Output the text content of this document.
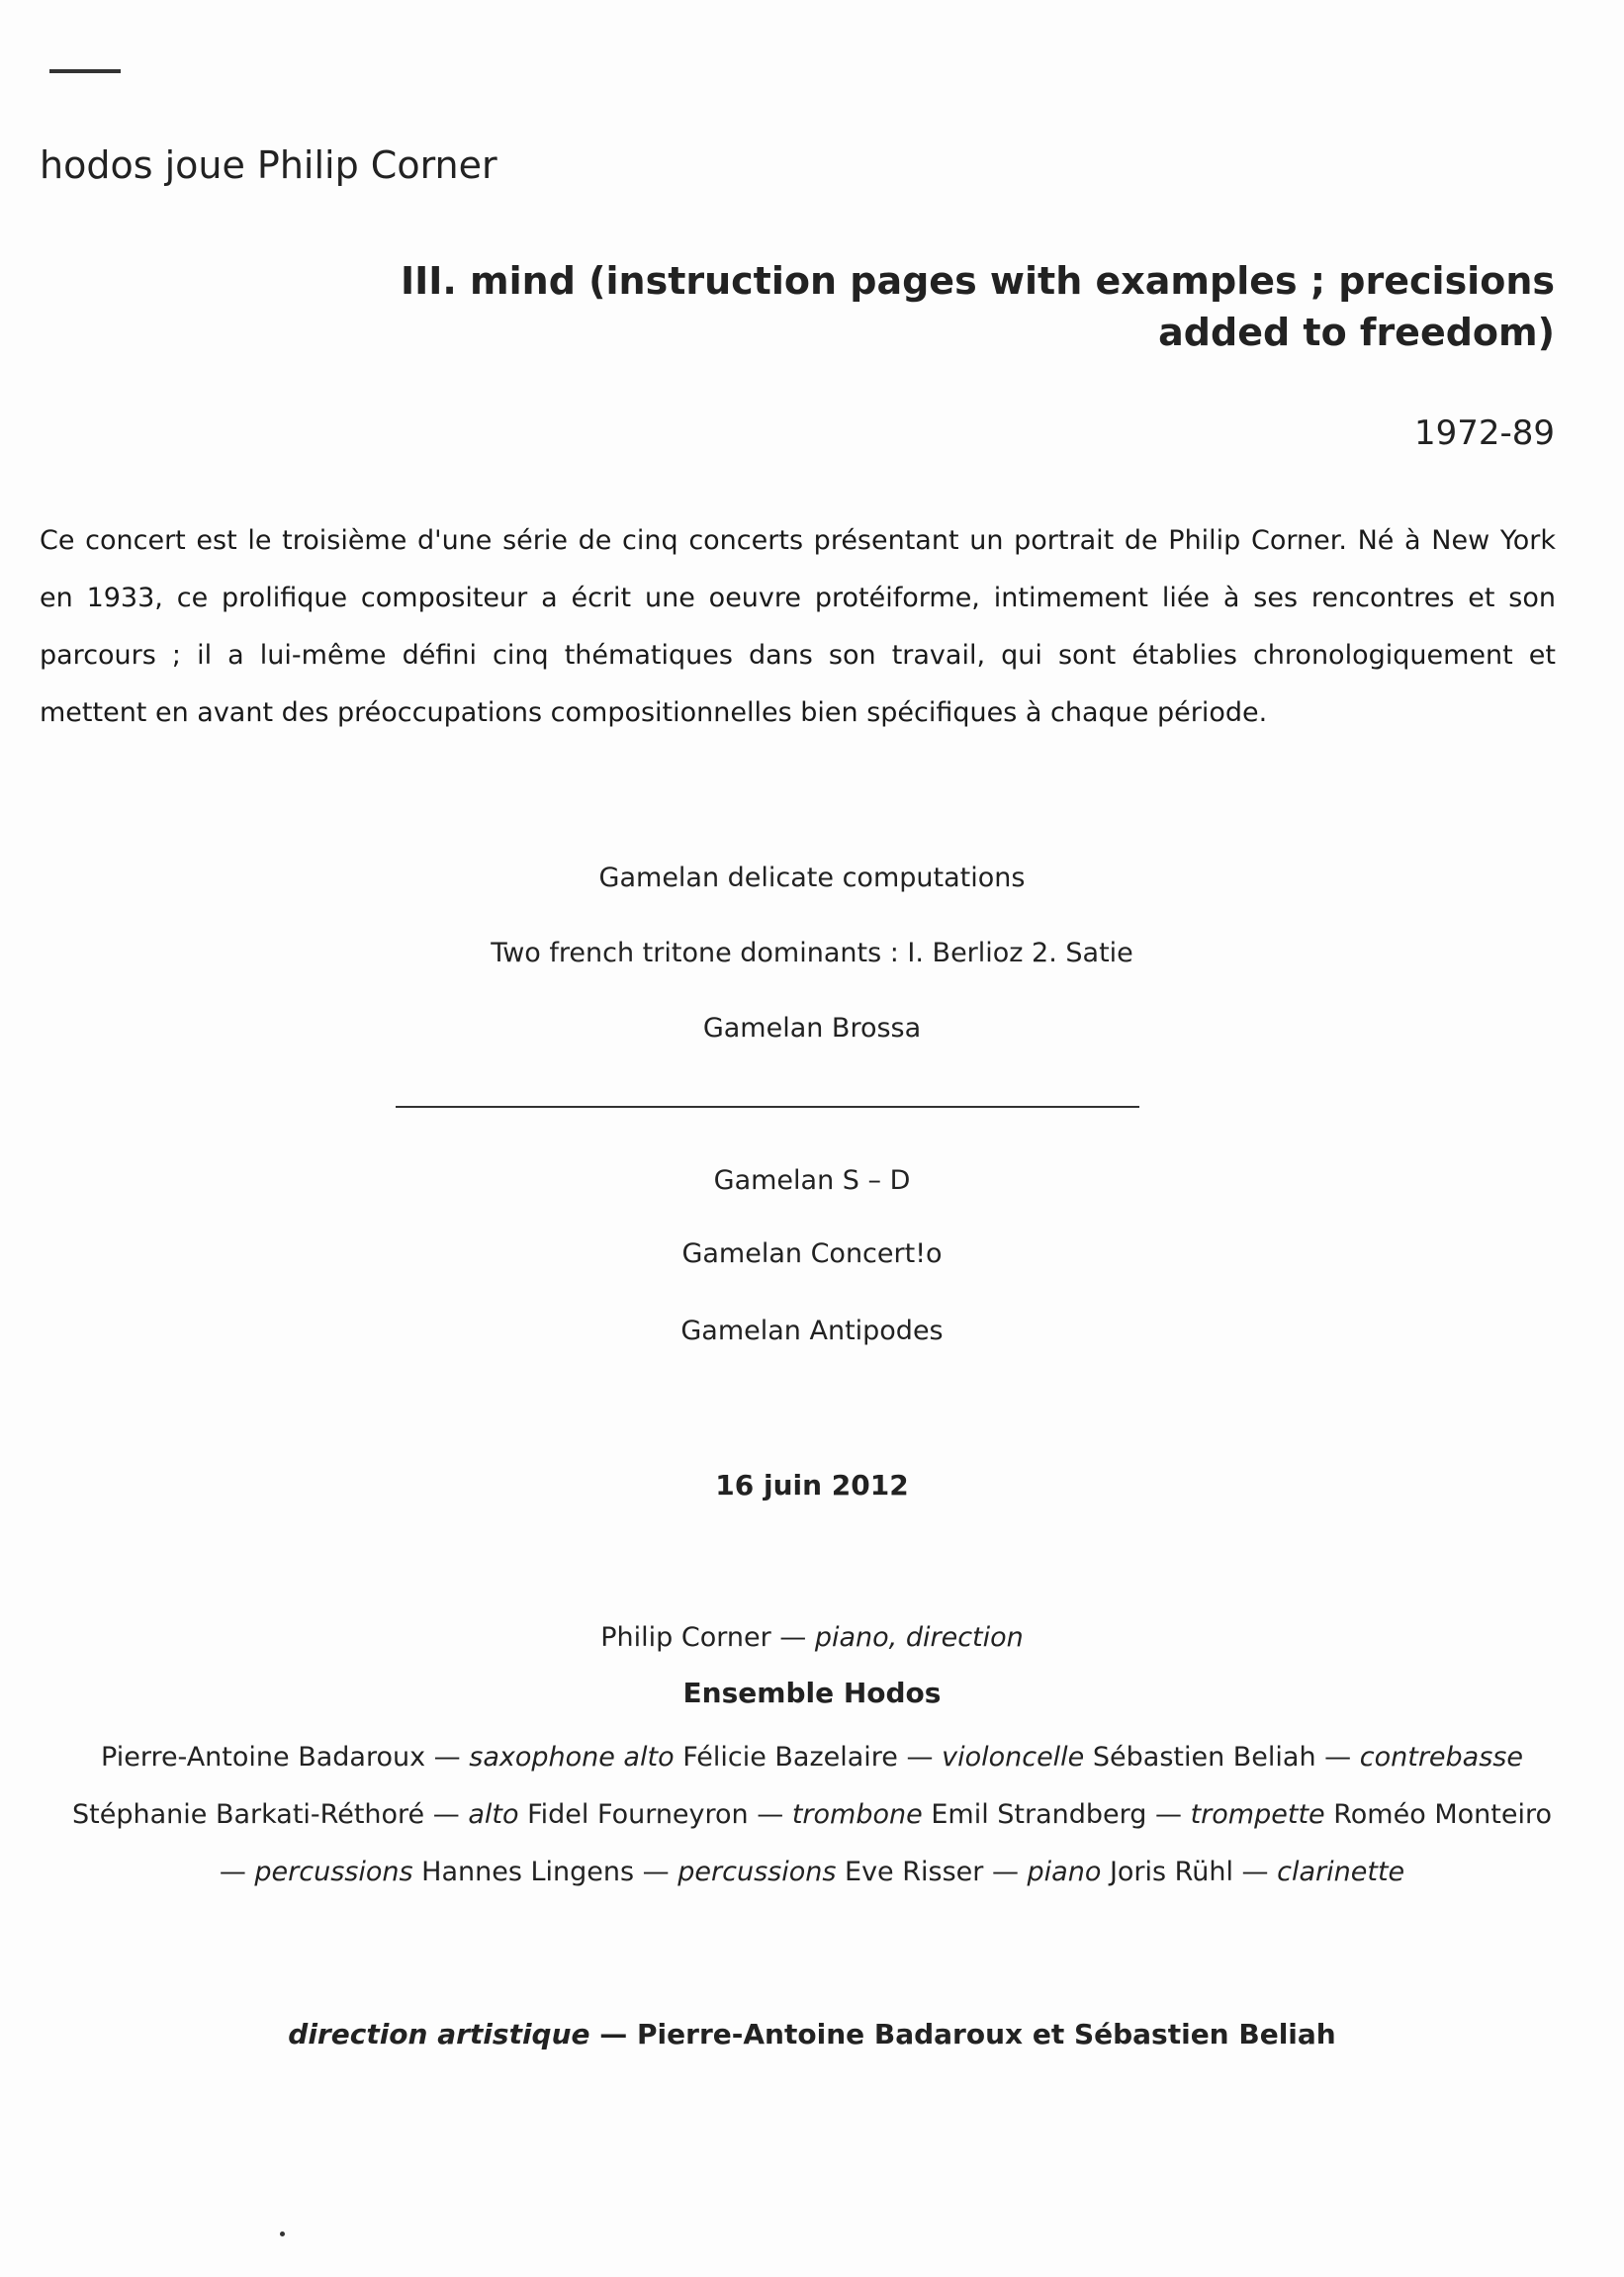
hodos joue Philip Corner
III. mind (instruction pages with examples ; precisions added to freedom)
1972-89
Ce concert est le troisième d'une série de cinq concerts présentant un portrait de Philip Corner. Né à New York en 1933, ce prolifique compositeur a écrit une oeuvre protéiforme, intimement liée à ses rencontres et son parcours ; il a lui-même défini cinq thématiques dans son travail, qui sont établies chronologiquement et mettent en avant des préoccupations compositionnelles bien spécifiques à chaque période.
Gamelan delicate computations
Two french tritone dominants : I. Berlioz 2. Satie
Gamelan Brossa
Gamelan S – D
Gamelan Concert!o
Gamelan Antipodes
16 juin 2012
Philip Corner — piano, direction
Ensemble Hodos
Pierre-Antoine Badaroux — saxophone alto Félicie Bazelaire — violoncelle Sébastien Beliah — contrebasse Stéphanie Barkati-Réthoré — alto Fidel Fourneyron — trombone Emil Strandberg — trompette Roméo Monteiro — percussions Hannes Lingens — percussions Eve Risser — piano Joris Rühl — clarinette
direction artistique — Pierre-Antoine Badaroux et Sébastien Beliah
